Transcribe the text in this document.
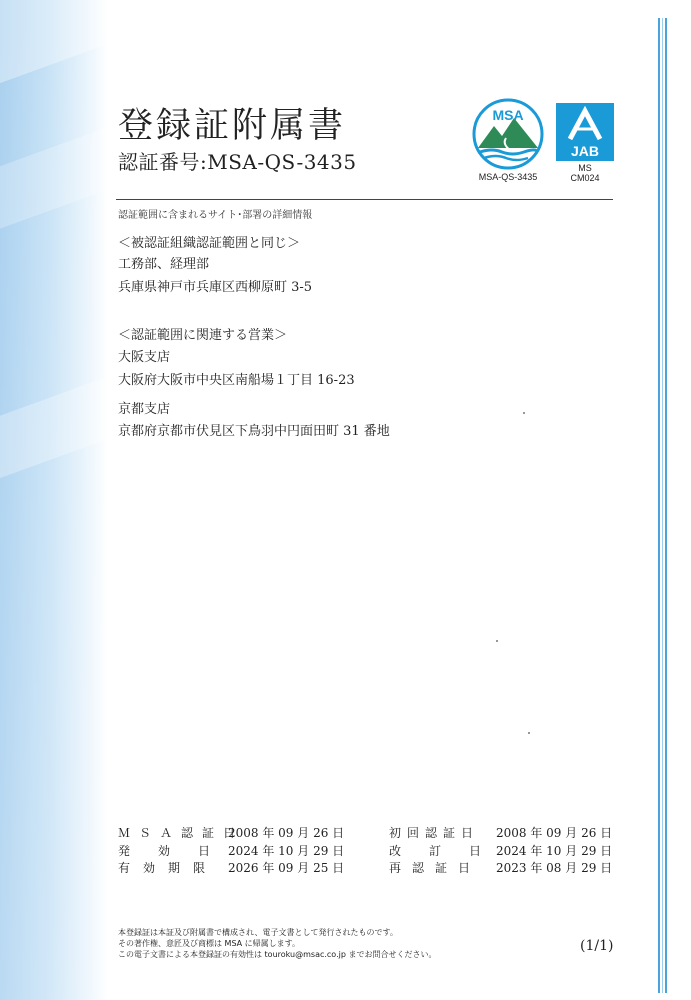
登録証附属書
認証番号:MSA-QS-3435
MSA
MSA-QS-3435
JAB
MS
CM024
認証範囲に含まれるサイト･部署の詳細情報
＜被認証組織認証範囲と同じ＞
工務部、経理部
兵庫県神戸市兵庫区西柳原町 3-5
＜認証範囲に関連する営業＞
大阪支店
大阪府大阪市中央区南船場１丁目 16-23
京都支店
京都府京都市伏見区下鳥羽中円面田町 31 番地
ＭＳＡ認証日
2008 年 09 月 26 日
発効日
2024 年 10 月 29 日
有効期限 2026 年 09 月 25 日
初回認証日 2008 年 09 月 26 日
改訂日
2024 年 10 月 29 日
再認証日 2023 年 08 月 29 日
本登録証は本証及び附属書で構成され、電子文書として発行されたものです。
その著作権、意匠及び商標は MSA に帰属します。
この電子文書による本登録証の有効性は touroku@msac.co.jp までお問合せください。
(1/1)
